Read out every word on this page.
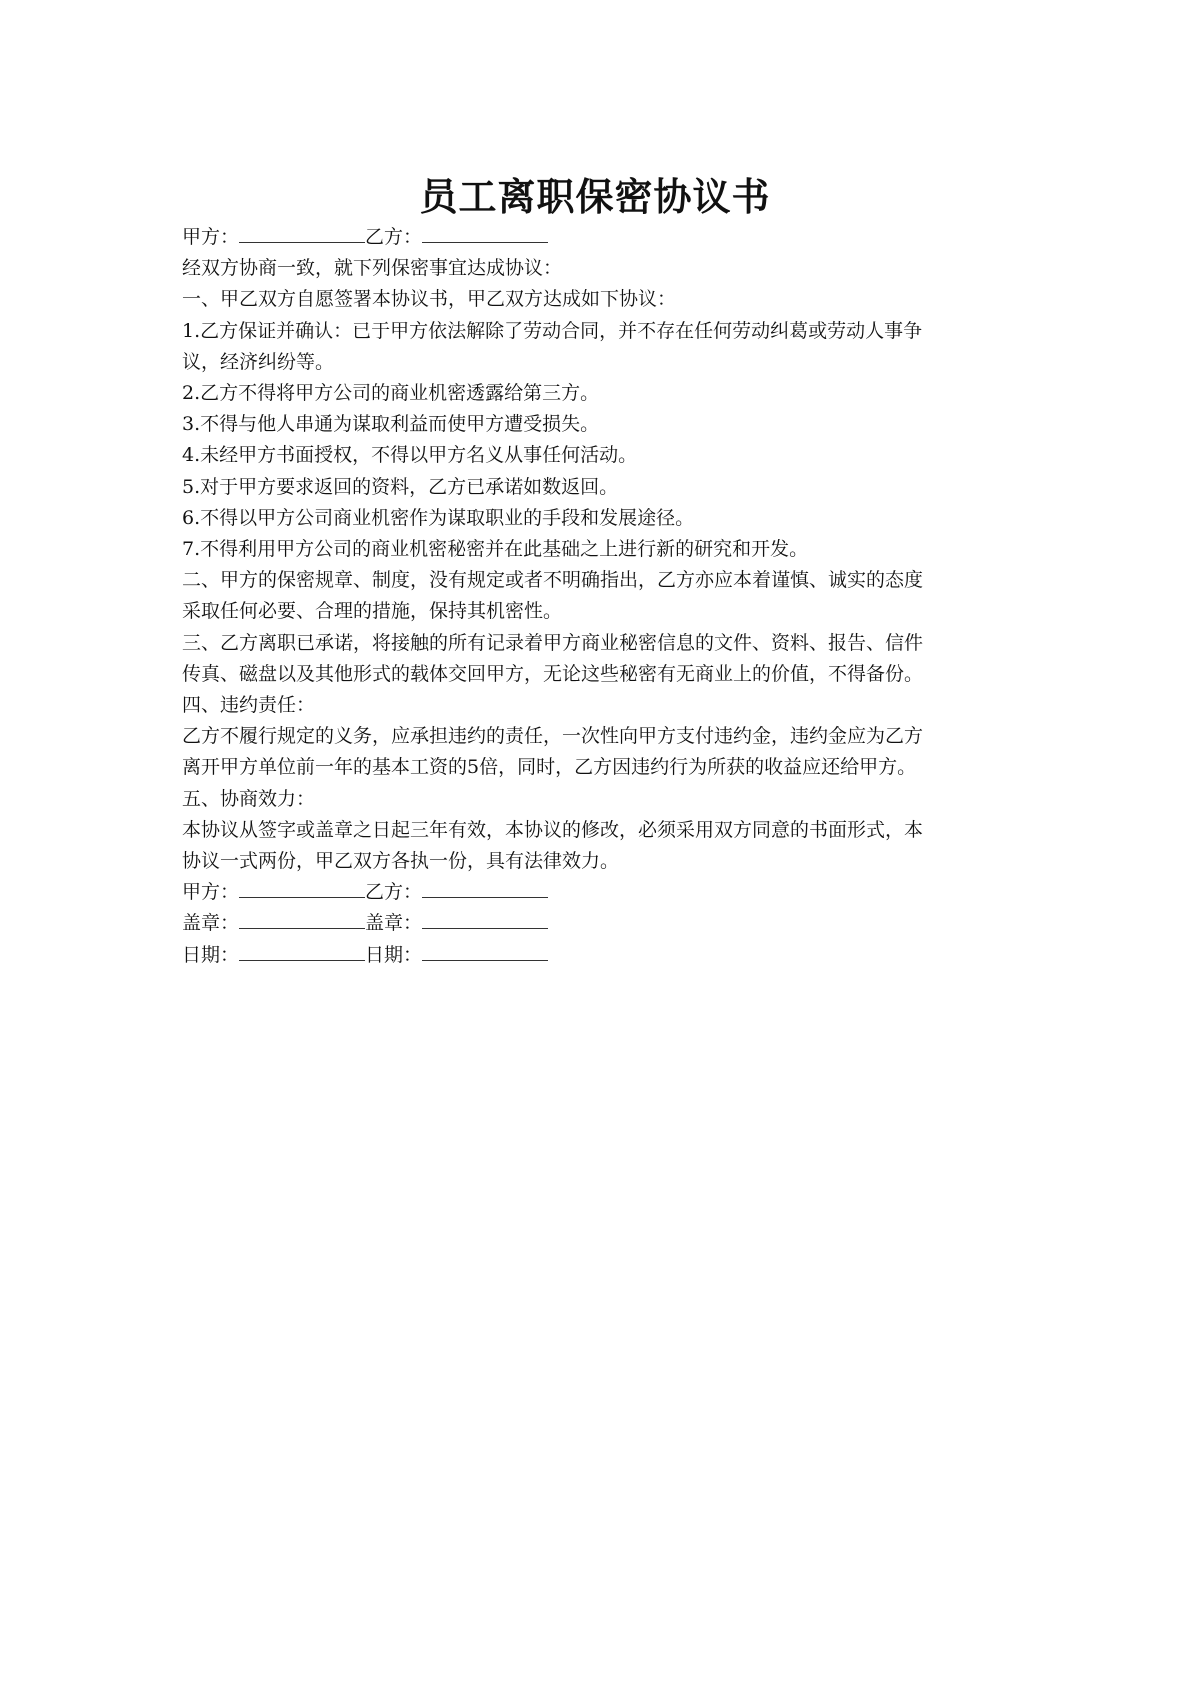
员工离职保密协议书
甲方：	乙方：
经双方协商一致，就下列保密事宜达成协议：
一、甲乙双方自愿签署本协议书，甲乙双方达成如下协议：
1.乙方保证并确认：已于甲方依法解除了劳动合同，并不存在任何劳动纠葛或劳动人事争
议，经济纠纷等。
2.乙方不得将甲方公司的商业机密透露给第三方。
3.不得与他人串通为谋取利益而使甲方遭受损失。
4.未经甲方书面授权，不得以甲方名义从事任何活动。
5.对于甲方要求返回的资料，乙方已承诺如数返回。
6.不得以甲方公司商业机密作为谋取职业的手段和发展途径。
7.不得利用甲方公司的商业机密秘密并在此基础之上进行新的研究和开发。
二、甲方的保密规章、制度，没有规定或者不明确指出，乙方亦应本着谨慎、诚实的态度
采取任何必要、合理的措施，保持其机密性。
三、乙方离职已承诺，将接触的所有记录着甲方商业秘密信息的文件、资料、报告、信件
传真、磁盘以及其他形式的载体交回甲方，无论这些秘密有无商业上的价值，不得备份。
四、违约责任：
乙方不履行规定的义务，应承担违约的责任，一次性向甲方支付违约金，违约金应为乙方
离开甲方单位前一年的基本工资的5倍，同时，乙方因违约行为所获的收益应还给甲方。
五、协商效力：
本协议从签字或盖章之日起三年有效，本协议的修改，必须采用双方同意的书面形式，本
协议一式两份，甲乙双方各执一份，具有法律效力。
甲方：	乙方：
盖章：	盖章：
日期：	日期：
